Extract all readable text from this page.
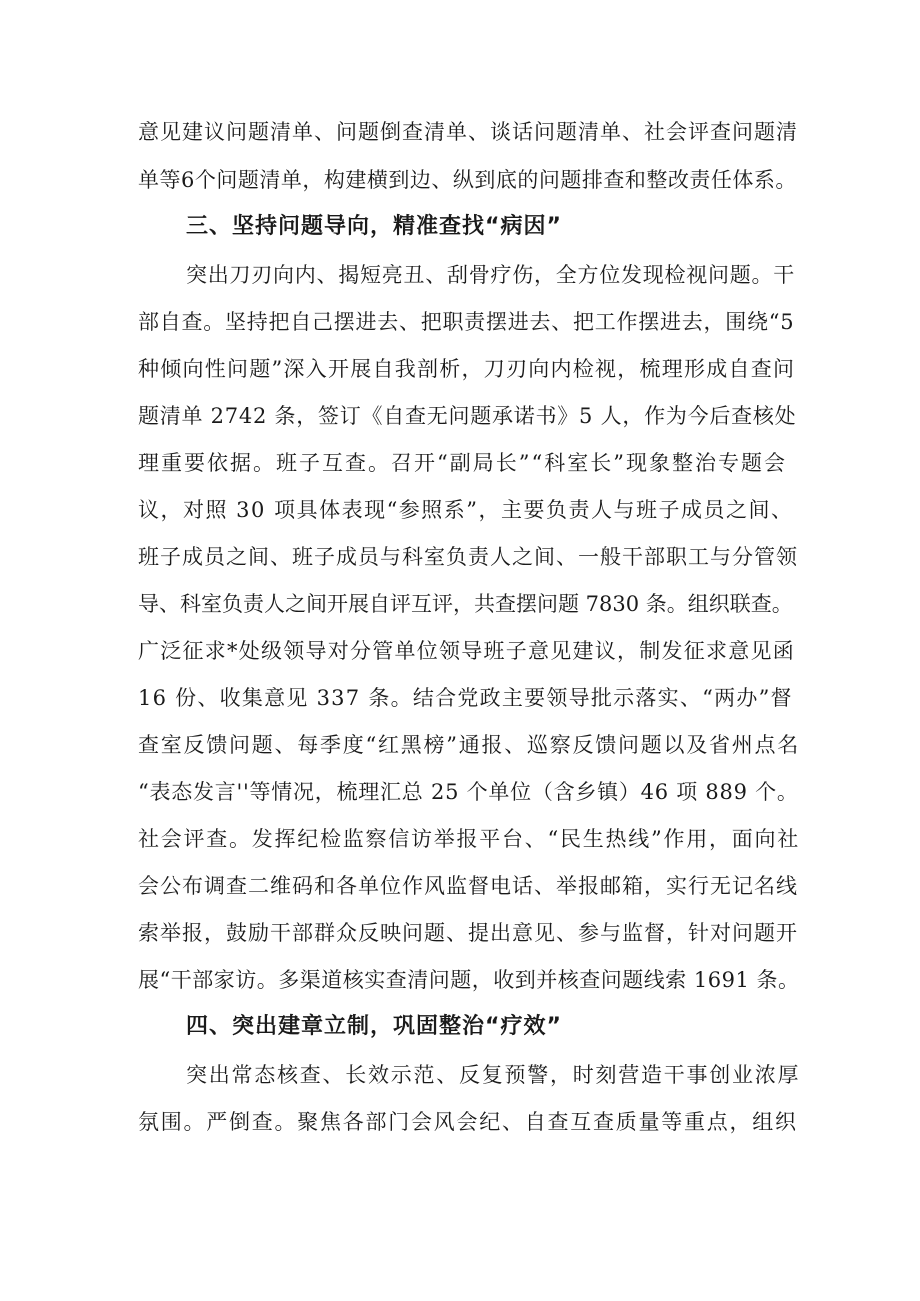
意见建议问题清单、问题倒查清单、谈话问题清单、社会评查问题清
单等6个问题清单，构建横到边、纵到底的问题排查和整改责任体系。
三、坚持问题导向，精准查找“病因”
突出刀刃向内、揭短亮丑、刮骨疗伤，全方位发现检视问题。干
部自查。坚持把自己摆进去、把职责摆进去、把工作摆进去，围绕“5
种倾向性问题”深入开展自我剖析，刀刃向内检视，梳理形成自查问
题清单 2742 条，签订《自查无问题承诺书》5 人，作为今后查核处
理重要依据。班子互查。召开“副局长”“科室长”现象整治专题会
议，对照 30 项具体表现“参照系”，主要负责人与班子成员之间、
班子成员之间、班子成员与科室负责人之间、一般干部职工与分管领
导、科室负责人之间开展自评互评，共查摆问题 7830 条。组织联查。
广泛征求*处级领导对分管单位领导班子意见建议，制发征求意见函
16 份、收集意见 337 条。结合党政主要领导批示落实、“两办”督
查室反馈问题、每季度“红黑榜”通报、巡察反馈问题以及省州点名
“表态发言''等情况，梳理汇总 25 个单位（含乡镇）46 项 889 个。
社会评查。发挥纪检监察信访举报平台、“民生热线”作用，面向社
会公布调查二维码和各单位作风监督电话、举报邮箱，实行无记名线
索举报，鼓励干部群众反映问题、提出意见、参与监督，针对问题开
展“干部家访。多渠道核实查清问题，收到并核查问题线索 1691 条。
四、突出建章立制，巩固整治“疗效”
突出常态核查、长效示范、反复预警，时刻营造干事创业浓厚
氛围。严倒查。聚焦各部门会风会纪、自查互查质量等重点，组织
